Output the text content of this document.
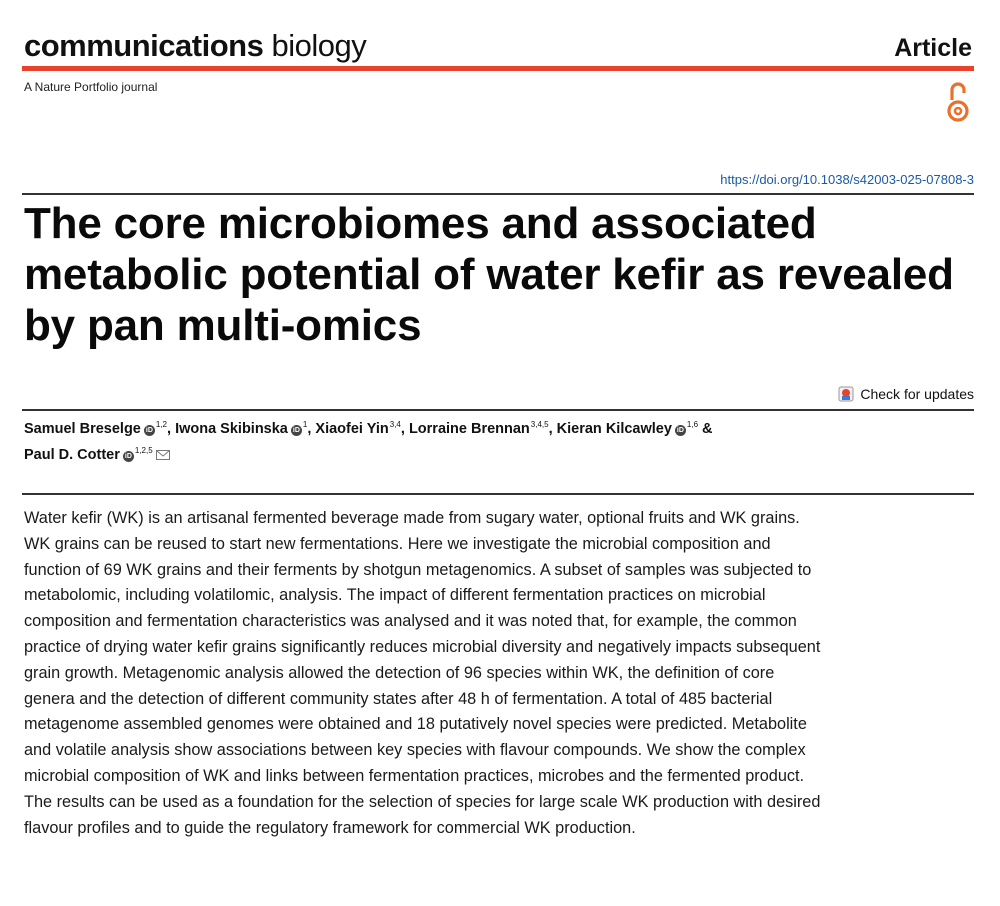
communications biology	Article
A Nature Portfolio journal
https://doi.org/10.1038/s42003-025-07808-3
The core microbiomes and associated metabolic potential of water kefir as revealed by pan multi-omics
Check for updates
Samuel Breselge iD$^{1,2}$, Iwona Skibinska $iD^1$, Xiaofei Yin$^{3,4}$, Lorraine Brennan$^{3,4,5}$, Kieran Kilcawley iD$^{1,6}$ &
Paul D. Cotter iD$^{1,2,5}$

Water kefir (WK) is an artisanal fermented beverage made from sugary water, optional fruits and WK grains. WK grains can be reused to start new fermentations. Here we investigate the microbial composition and function of 69 WK grains and their ferments by shotgun metagenomics. A subset of samples was subjected to metabolomic, including volatilomic, analysis. The impact of different fermentation practices on microbial composition and fermentation characteristics was analysed and it was noted that, for example, the common practice of drying water kefir grains significantly reduces microbial diversity and negatively impacts subsequent grain growth. Metagenomic analysis allowed the detection of 96 species within WK, the definition of core genera and the detection of different community states after 48 h of fermentation. A total of 485 bacterial metagenome assembled genomes were obtained and 18 putatively novel species were predicted. Metabolite and volatile analysis show associations between key species with flavour compounds. We show the complex microbial composition of WK and links between fermentation practices, microbes and the fermented product. The results can be used as a foundation for the selection of species for large scale WK production with desired flavour profiles and to guide the regulatory framework for commercial WK production.
